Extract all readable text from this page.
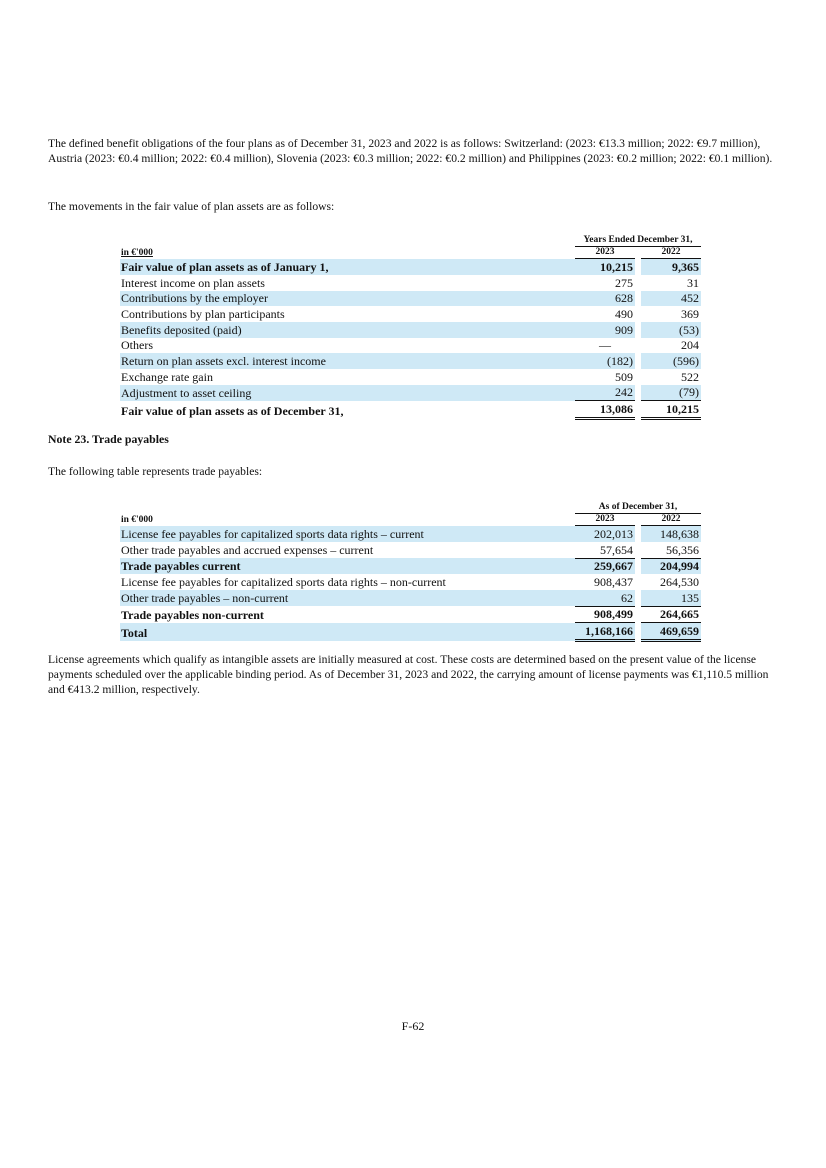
The defined benefit obligations of the four plans as of December 31, 2023 and 2022 is as follows: Switzerland: (2023: €13.3 million; 2022: €9.7 million), Austria (2023: €0.4 million; 2022: €0.4 million), Slovenia (2023: €0.3 million; 2022: €0.2 million) and Philippines (2023: €0.2 million; 2022: €0.1 million).

The movements in the fair value of plan assets are as follows:

	Years Ended December 31,		
in €'000	2023		2022
Fair value of plan assets as of January 1,	10,215		9,365
Interest income on plan assets	275		31
Contributions by the employer	628		452
Contributions by plan participants	490		369
Benefits deposited (paid)	909		(53)
Others	—		204
Return on plan assets excl. interest income	(182)		(596)
Exchange rate gain	509		522
Adjustment to asset ceiling	242		(79)
Fair value of plan assets as of December 31,	13,086		10,215

Note 23. Trade payables

The following table represents trade payables:

	As of December 31,		
in €'000	2023		2022
License fee payables for capitalized sports data rights – current	202,013		148,638
Other trade payables and accrued expenses – current	57,654		56,356
Trade payables current	259,667		204,994
License fee payables for capitalized sports data rights – non-current	908,437		264,530
Other trade payables – non-current	62		135
Trade payables non-current	908,499		264,665
Total	1,168,166		469,659

License agreements which qualify as intangible assets are initially measured at cost. These costs are determined based on the present value of the license payments scheduled over the applicable binding period. As of December 31, 2023 and 2022, the carrying amount of license payments was €1,110.5 million and €413.2 million, respectively.

F-62
